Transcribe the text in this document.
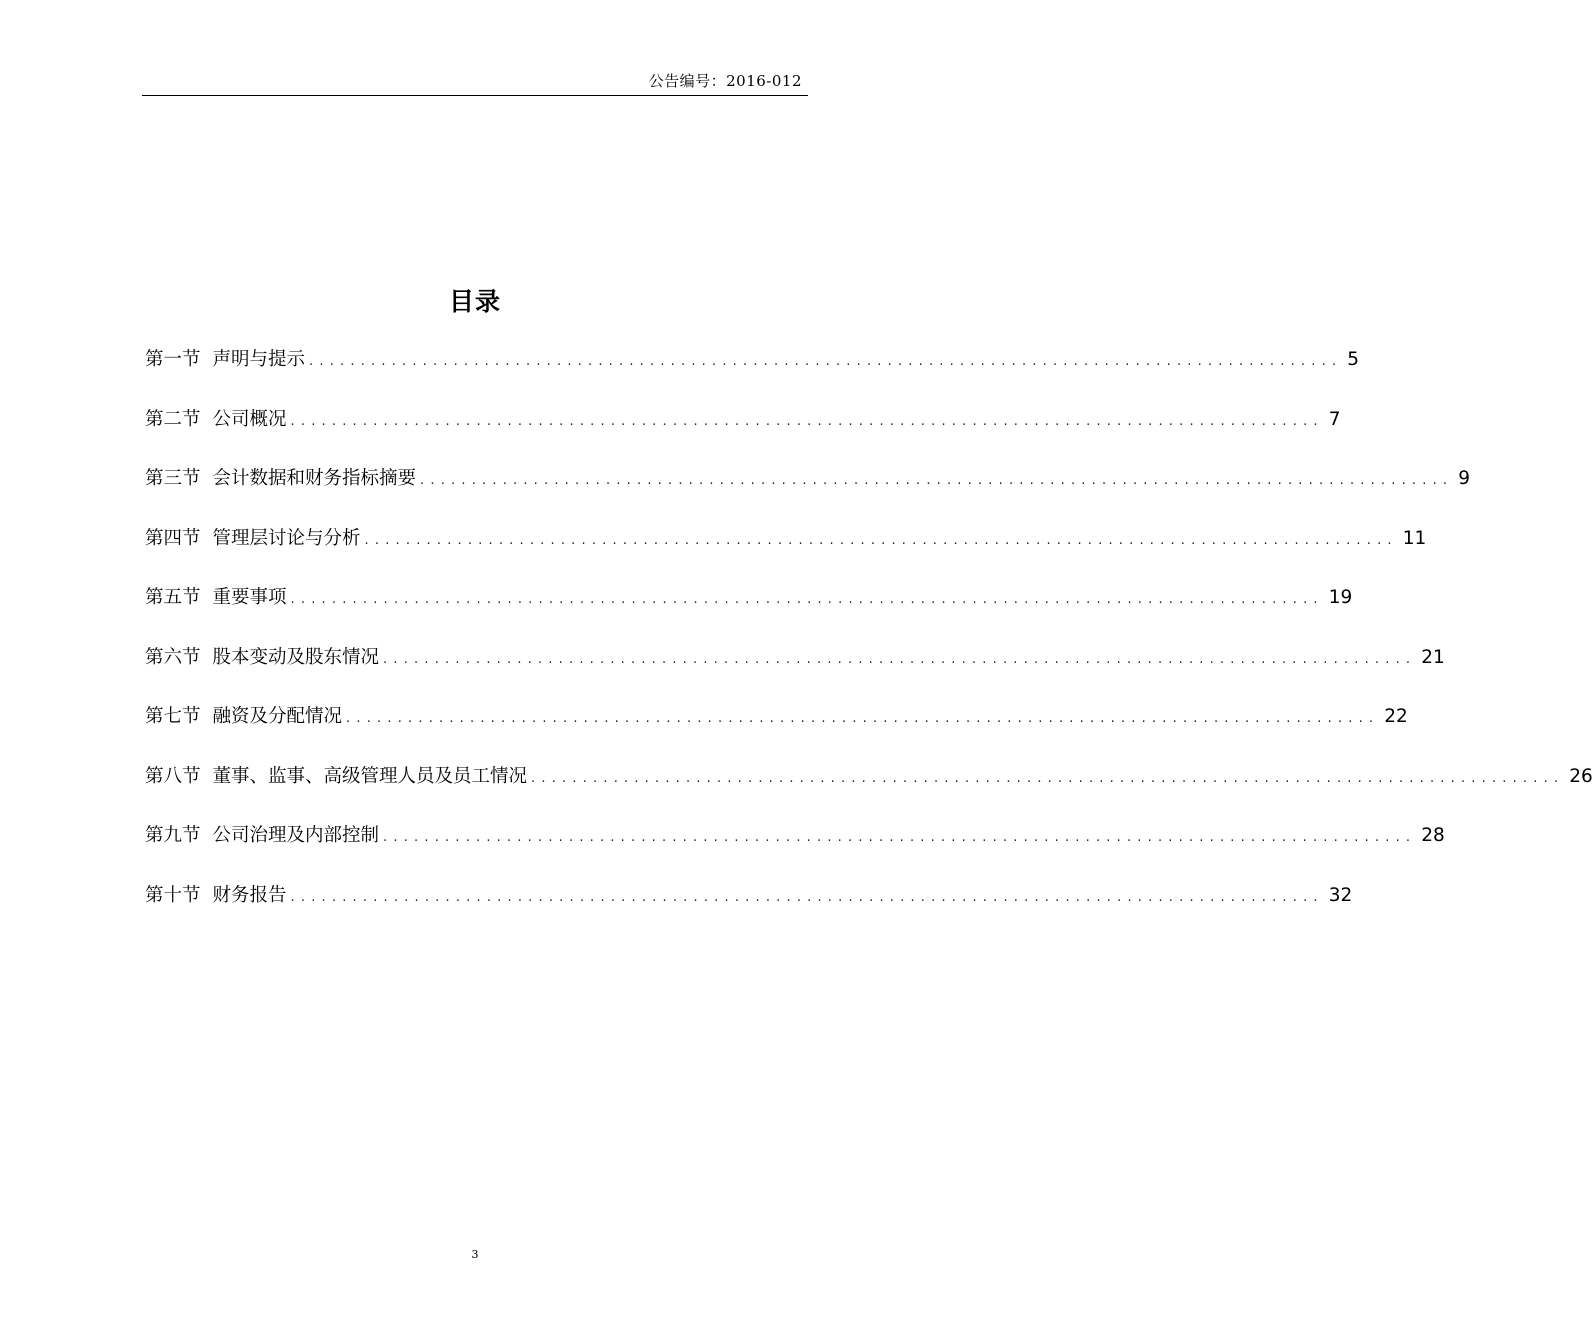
公告编号：2016-012
目录
第一节 声明与提示 .................................................................................................... 5
第二节 公司概况 .................................................................................................... 7
第三节 会计数据和财务指标摘要 .................................................................................................... 9
第四节 管理层讨论与分析 .................................................................................................... 11
第五节 重要事项 .................................................................................................... 19
第六节 股本变动及股东情况 .................................................................................................... 21
第七节 融资及分配情况 .................................................................................................... 22
第八节 董事、监事、高级管理人员及员工情况 .................................................................................................... 26
第九节 公司治理及内部控制 .................................................................................................... 28
第十节 财务报告 .................................................................................................... 32
3
